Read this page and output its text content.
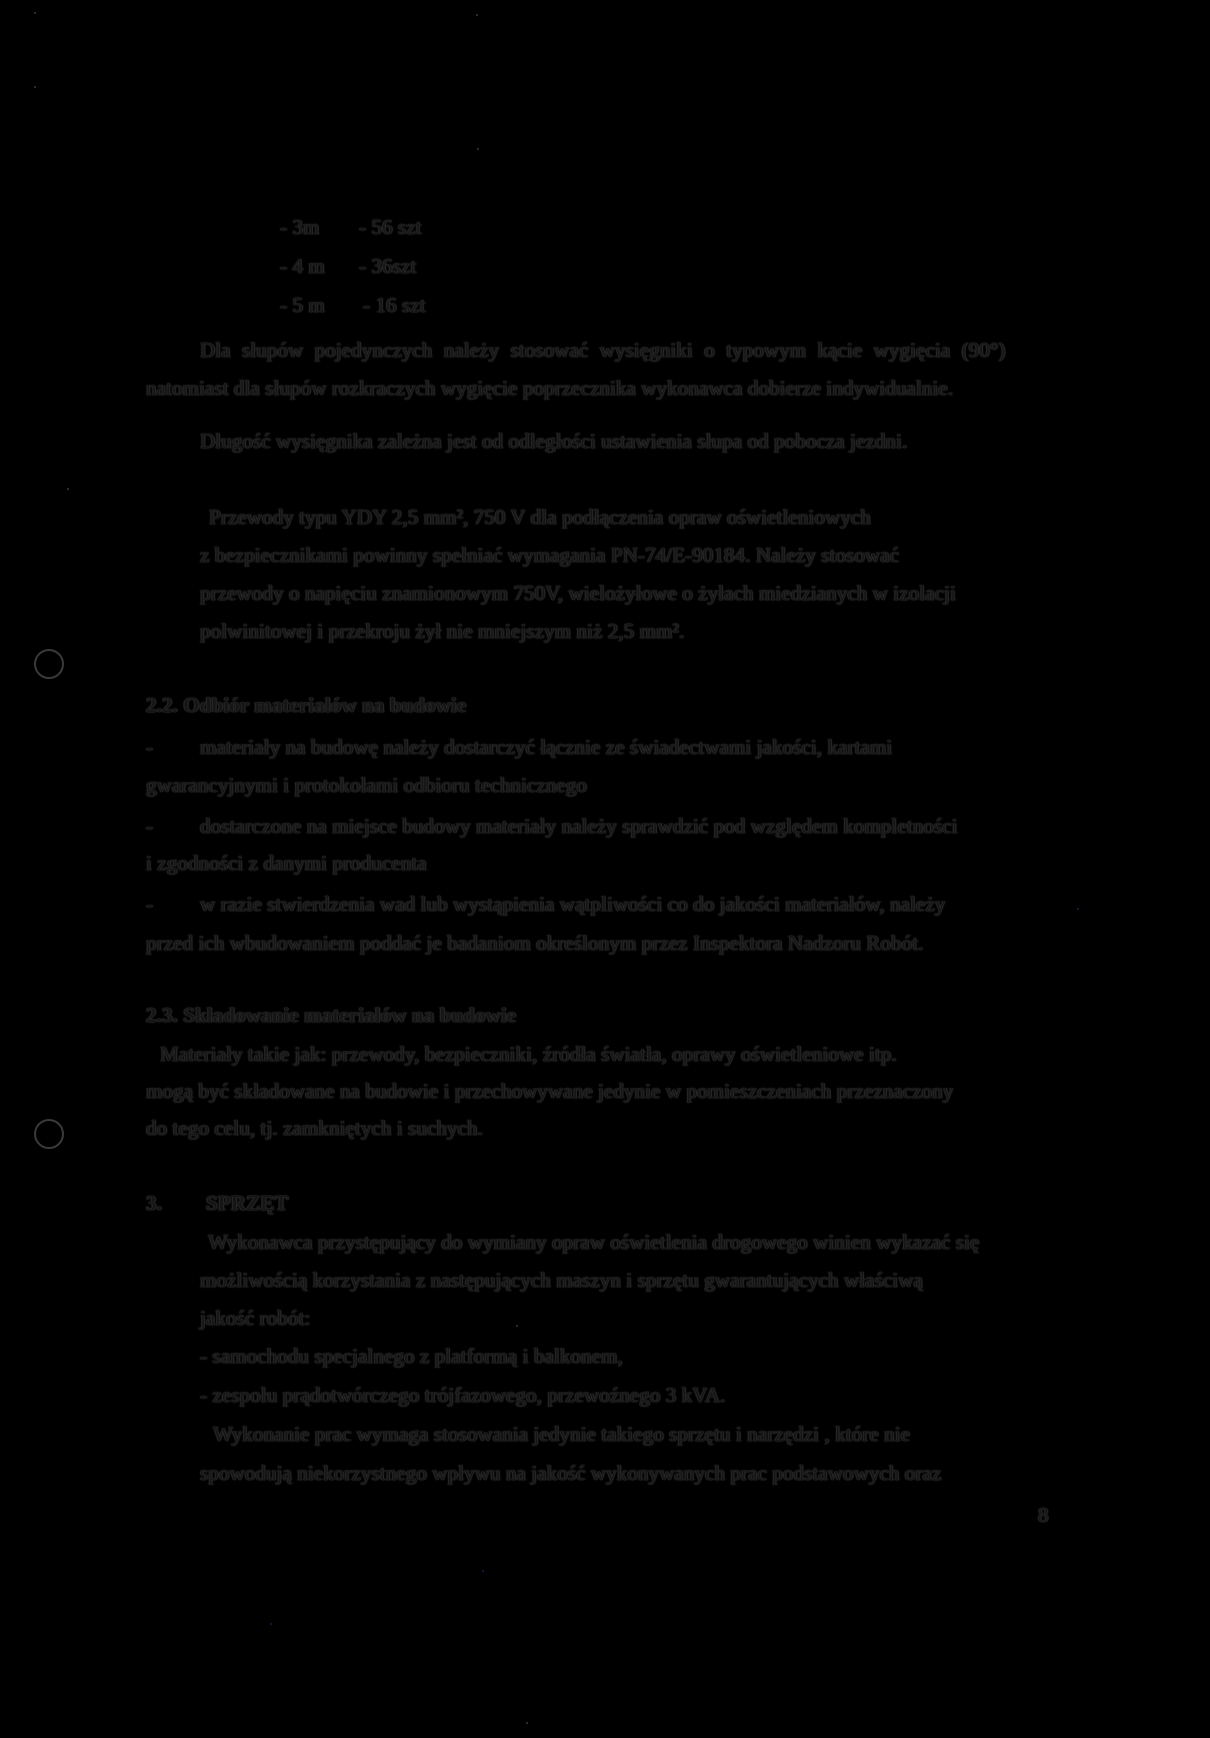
- 3m - 56 szt
- 4 m - 36szt
- 5 m - 16 szt
Dla słupów pojedynczych należy stosować wysięgniki o typowym kącie wygięcia (90°)
natomiast dla słupów rozkraczych wygięcie poprzecznika wykonawca dobierze indywidualnie.
Długość wysięgnika zależna jest od odległości ustawienia słupa od pobocza jezdni.
Przewody typu YDY 2,5 mm², 750 V dla podłączenia opraw oświetleniowych
z bezpiecznikami powinny spełniać wymagania PN-74/E-90184. Należy stosować
przewody o napięciu znamionowym 750V, wielożyłowe o żyłach miedzianych w izolacji
polwinitowej i przekroju żył nie mniejszym niż 2,5 mm².
2.2. Odbiór materiałów na budowie
- materiały na budowę należy dostarczyć łącznie ze świadectwami jakości, kartami
gwarancyjnymi i protokołami odbioru technicznego
- dostarczone na miejsce budowy materiały należy sprawdzić pod względem kompletności
i zgodności z danymi producenta
- w razie stwierdzenia wad lub wystąpienia wątpliwości co do jakości materiałów, należy
przed ich wbudowaniem poddać je badaniom określonym przez Inspektora Nadzoru Robót.
2.3. Składowanie materiałów na budowie
Materiały takie jak: przewody, bezpieczniki, źródła światła, oprawy oświetleniowe itp.
mogą być składowane na budowie i przechowywane jedynie w pomieszczeniach przeznaczony
do tego celu, tj. zamkniętych i suchych.
3. SPRZĘT
Wykonawca przystępujący do wymiany opraw oświetlenia drogowego winien wykazać się
możliwością korzystania z następujących maszyn i sprzętu gwarantujących właściwą
jakość robót:
- samochodu specjalnego z platformą i balkonem,
- zespołu prądotwórczego trójfazowego, przewoźnego 3 kVA.
Wykonanie prac wymaga stosowania jedynie takiego sprzętu i narzędzi , które nie
spowodują niekorzystnego wpływu na jakość wykonywanych prac podstawowych oraz
8
